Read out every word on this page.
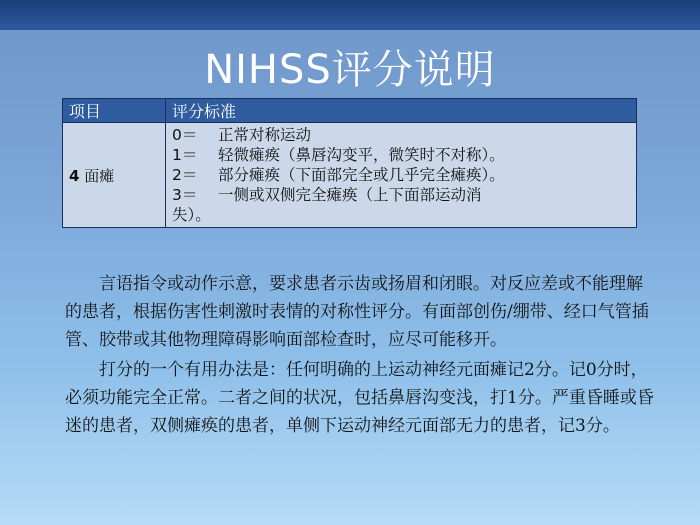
NIHSS评分说明
项目	评分标准
4 面瘫	0＝ 正常对称运动
1＝ 轻微瘫痪（鼻唇沟变平，微笑时不对称）。
2＝ 部分瘫痪（下面部完全或几乎完全瘫痪）。
3＝ 一侧或双侧完全瘫痪（上下面部运动消
失）。

言语指令或动作示意，要求患者示齿或扬眉和闭眼。对反应差或不能理解的患者，根据伤害性刺激时表情的对称性评分。有面部创伤/绷带、经口气管插管、胶带或其他物理障碍影响面部检查时，应尽可能移开。

打分的一个有用办法是：任何明确的上运动神经元面瘫记2分。记0分时，必须功能完全正常。二者之间的状况，包括鼻唇沟变浅，打1分。严重昏睡或昏迷的患者，双侧瘫痪的患者，单侧下运动神经元面部无力的患者，记3分。
